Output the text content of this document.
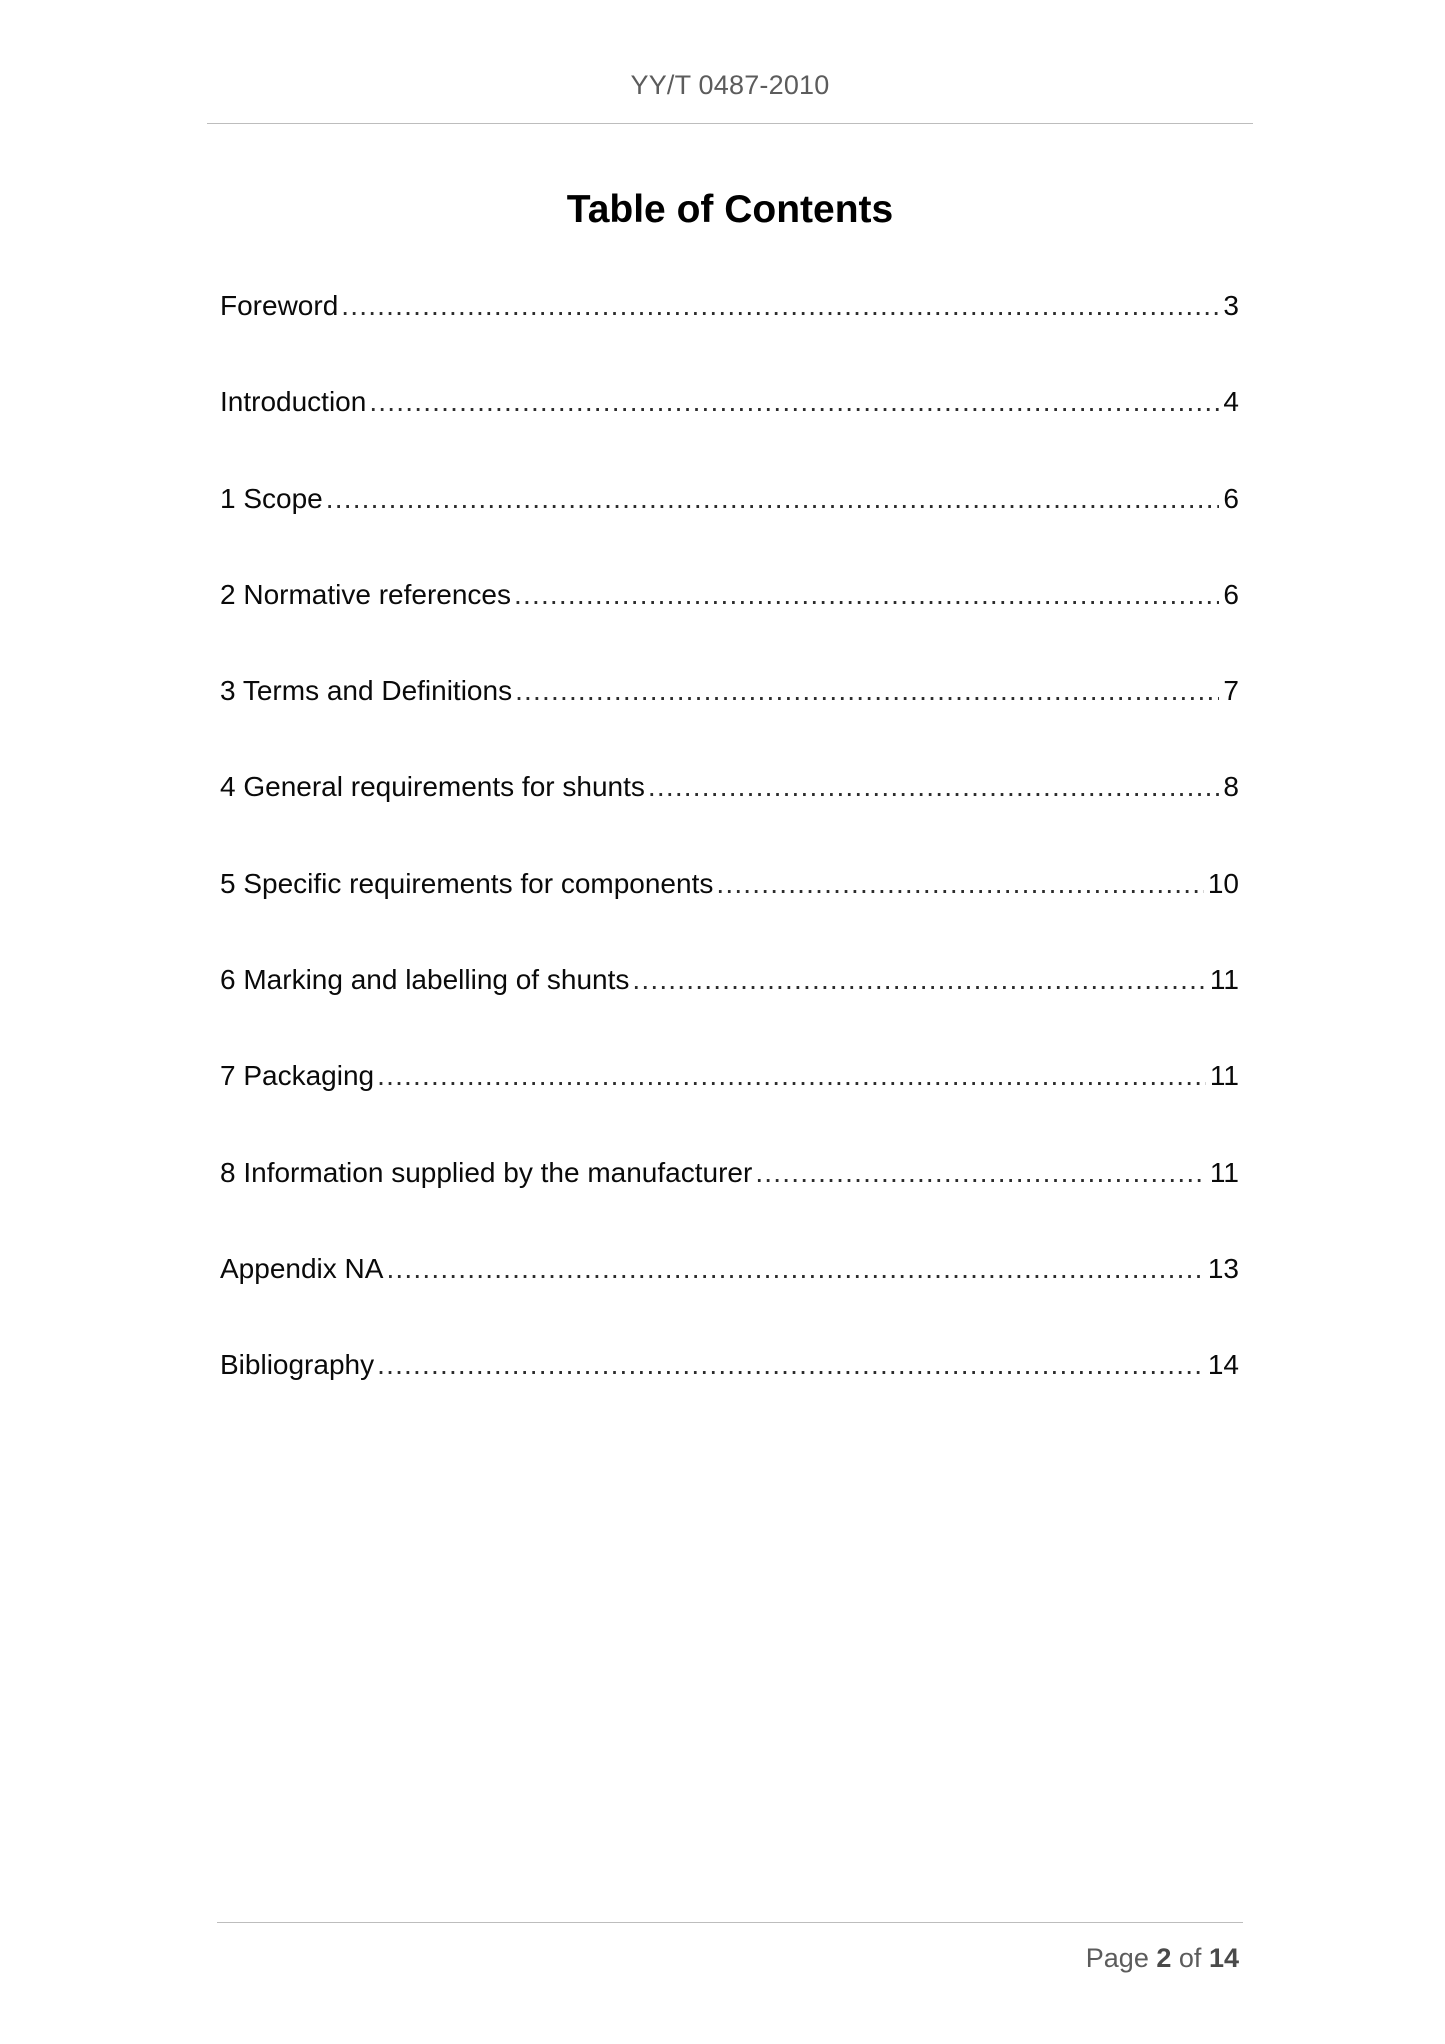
YY/T 0487-2010
Table of Contents
Foreword .....	3
Introduction .....	4
1 Scope .....	6
2 Normative references .....	6
3 Terms and Definitions .....	7
4 General requirements for shunts .....	8
5 Specific requirements for components .....	10
6 Marking and labelling of shunts .....	11
7 Packaging .....	11
8 Information supplied by the manufacturer .....	11
Appendix NA .....	13
Bibliography .....	14
Page 2 of 14
